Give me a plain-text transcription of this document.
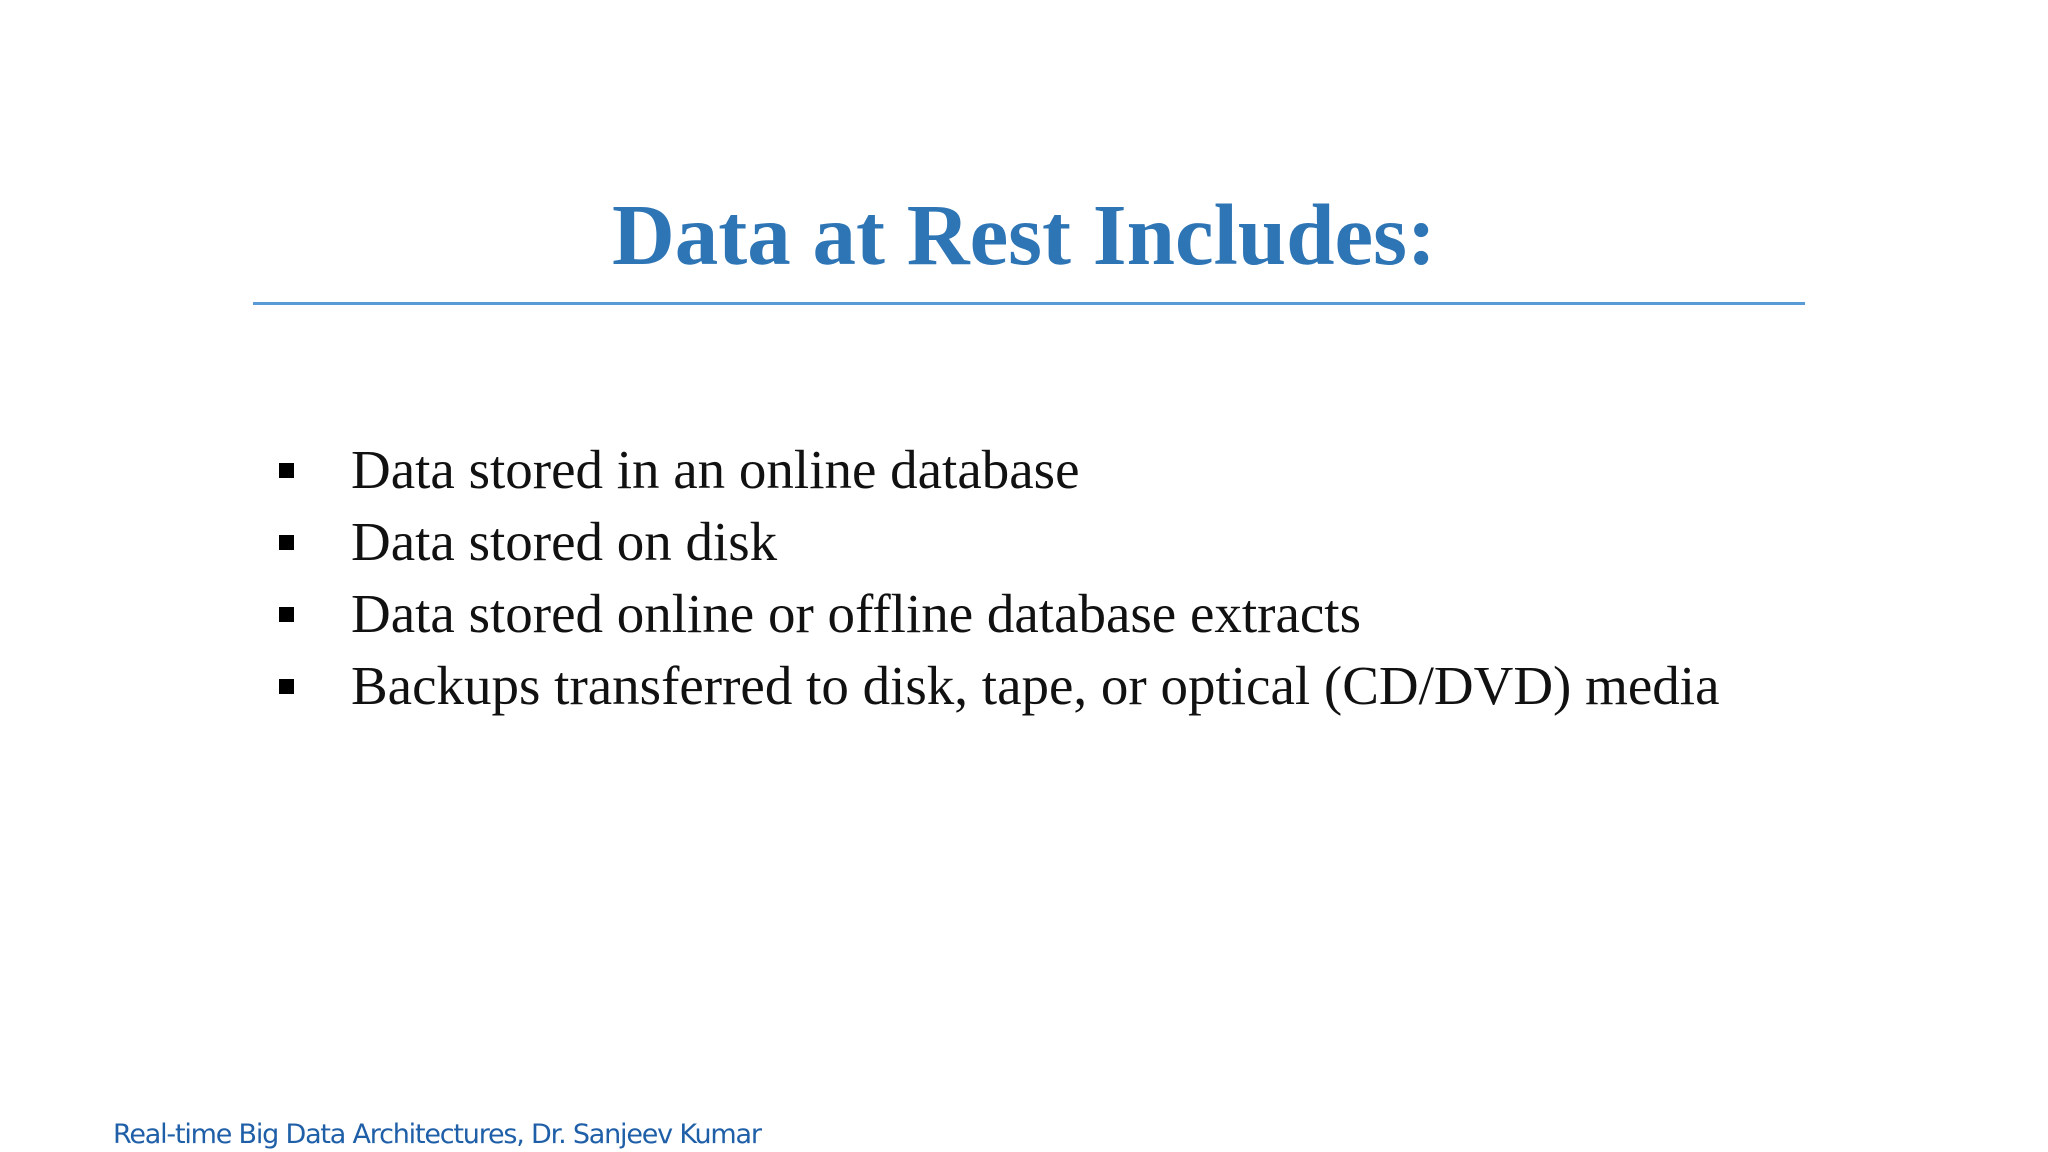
Data at Rest Includes:
Data stored in an online database
Data stored on disk
Data stored online or offline database extracts
Backups transferred to disk, tape, or optical (CD/DVD) media
Real-time Big Data Architectures, Dr. Sanjeev Kumar
